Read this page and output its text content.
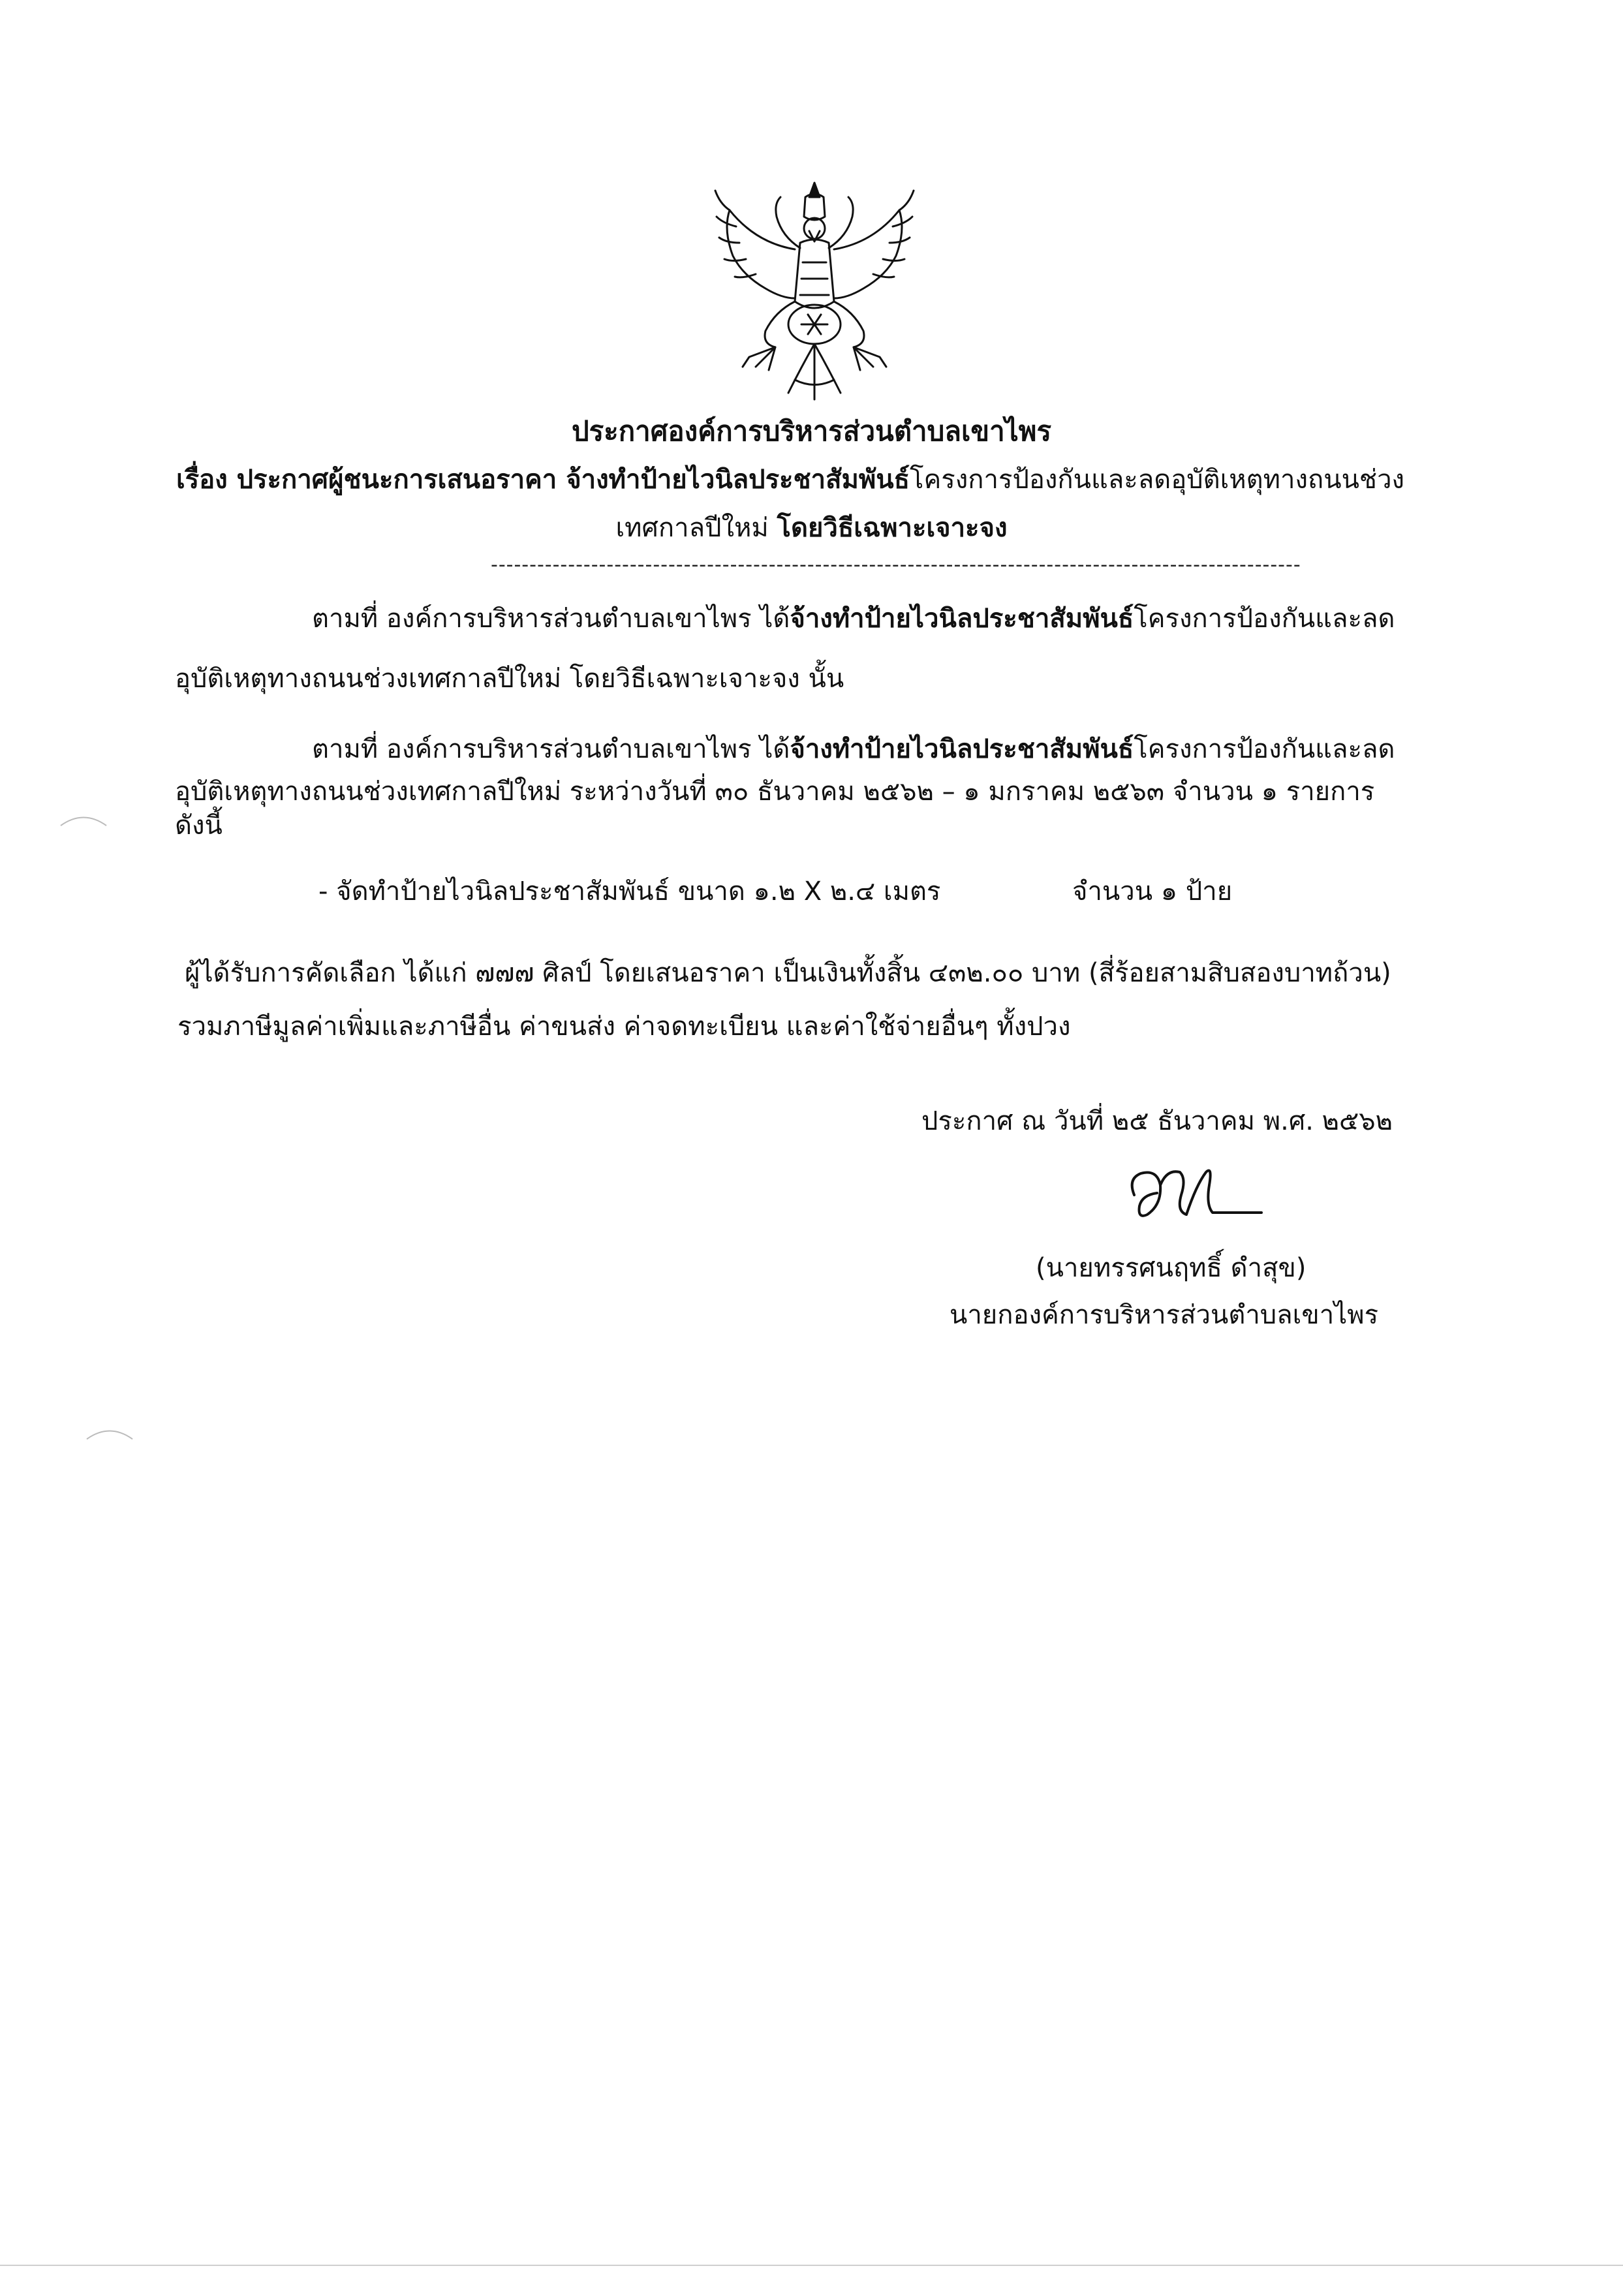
ประกาศองค์การบริหารส่วนตำบลเขาไพร
เรื่อง ประกาศผู้ชนะการเสนอราคา จ้างทำป้ายไวนิลประชาสัมพันธ์โครงการป้องกันและลดอุบัติเหตุทางถนนช่วง
เทศกาลปีใหม่ โดยวิธีเฉพาะเจาะจง
---------------------------------------------------------------------------------------------------------
ตามที่ องค์การบริหารส่วนตำบลเขาไพร ได้จ้างทำป้ายไวนิลประชาสัมพันธ์โครงการป้องกันและลด
อุบัติเหตุทางถนนช่วงเทศกาลปีใหม่ โดยวิธีเฉพาะเจาะจง นั้น
ตามที่ องค์การบริหารส่วนตำบลเขาไพร ได้จ้างทำป้ายไวนิลประชาสัมพันธ์โครงการป้องกันและลด
อุบัติเหตุทางถนนช่วงเทศกาลปีใหม่ ระหว่างวันที่ ๓๐ ธันวาคม ๒๕๖๒ – ๑ มกราคม ๒๕๖๓ จำนวน ๑ รายการ
ดังนี้
- จัดทำป้ายไวนิลประชาสัมพันธ์ ขนาด ๑.๒ X ๒.๔ เมตร	จำนวน ๑ ป้าย
ผู้ได้รับการคัดเลือก ได้แก่ ๗๗๗ ศิลป์ โดยเสนอราคา เป็นเงินทั้งสิ้น ๔๓๒.๐๐ บาท (สี่ร้อยสามสิบสองบาทถ้วน)
รวมภาษีมูลค่าเพิ่มและภาษีอื่น ค่าขนส่ง ค่าจดทะเบียน และค่าใช้จ่ายอื่นๆ ทั้งปวง
ประกาศ ณ วันที่ ๒๕ ธันวาคม พ.ศ. ๒๕๖๒
(นายทรรศนฤทธิ์ ดำสุข)
นายกองค์การบริหารส่วนตำบลเขาไพร
